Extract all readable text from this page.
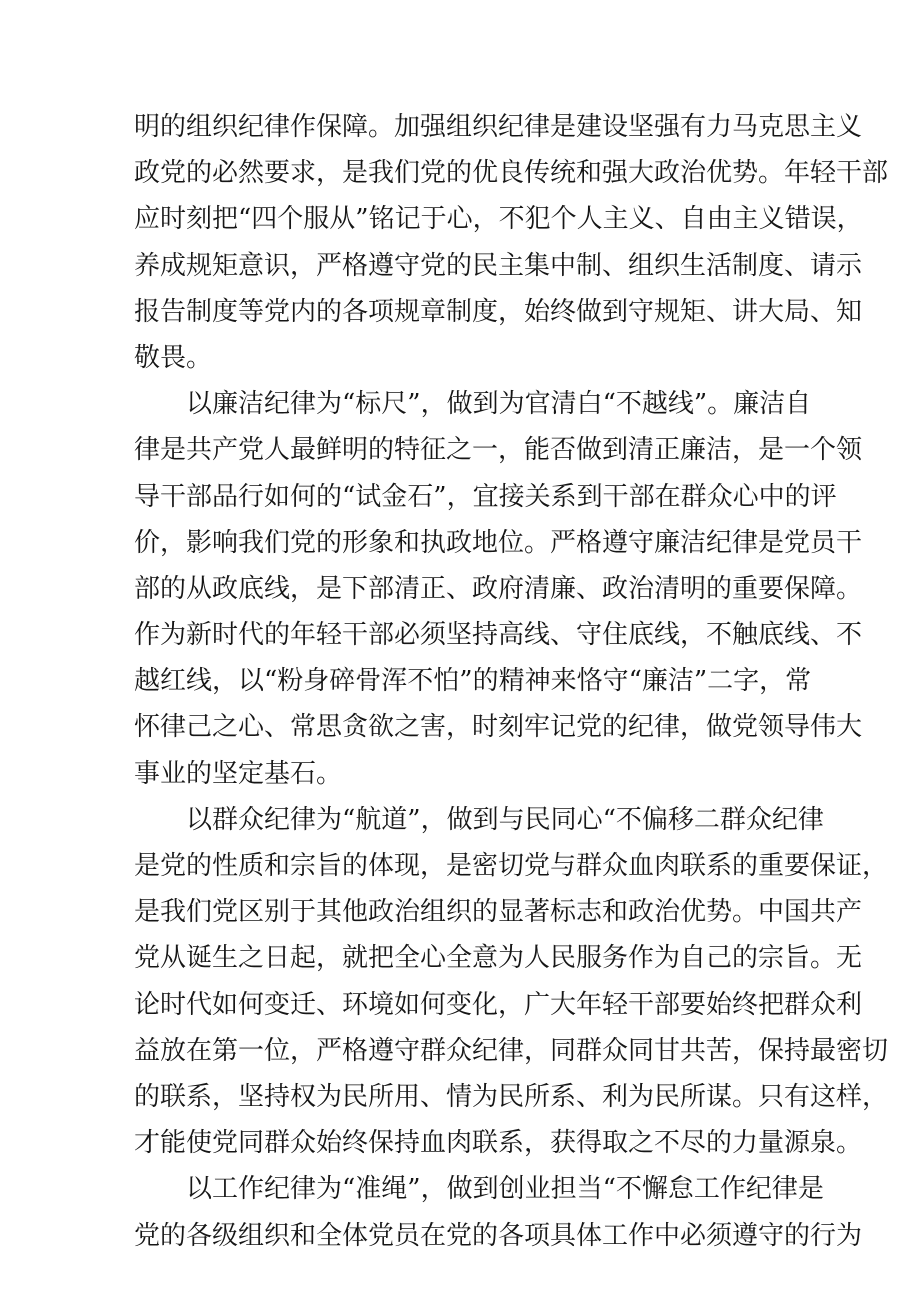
明的组织纪律作保障。加强组织纪律是建设坚强有力马克思主义
政党的必然要求，是我们党的优良传统和强大政治优势。年轻干部
应时刻把“四个服从”铭记于心，不犯个人主义、自由主义错误，
养成规矩意识，严格遵守党的民主集中制、组织生活制度、请示
报告制度等党内的各项规章制度，始终做到守规矩、讲大局、知
敬畏。
以廉洁纪律为“标尺”，做到为官清白“不越线”。廉洁自
律是共产党人最鲜明的特征之一，能否做到清正廉洁，是一个领
导干部品行如何的“试金石”，宜接关系到干部在群众心中的评
价，影响我们党的形象和执政地位。严格遵守廉洁纪律是党员干
部的从政底线，是下部清正、政府清廉、政治清明的重要保障。
作为新时代的年轻干部必须坚持高线、守住底线，不触底线、不
越红线，以“粉身碎骨浑不怕”的精神来恪守“廉洁”二字，常
怀律己之心、常思贪欲之害，时刻牢记党的纪律，做党领导伟大
事业的坚定基石。
以群众纪律为“航道”，做到与民同心“不偏移二群众纪律
是党的性质和宗旨的体现，是密切党与群众血肉联系的重要保证，
是我们党区别于其他政治组织的显著标志和政治优势。中国共产
党从诞生之日起，就把全心全意为人民服务作为自己的宗旨。无
论时代如何变迁、环境如何变化，广大年轻干部要始终把群众利
益放在第一位，严格遵守群众纪律，同群众同甘共苦，保持最密切
的联系，坚持权为民所用、情为民所系、利为民所谋。只有这样，
才能使党同群众始终保持血肉联系，获得取之不尽的力量源泉。
以工作纪律为“准绳”，做到创业担当“不懈怠工作纪律是
党的各级组织和全体党员在党的各项具体工作中必须遵守的行为
